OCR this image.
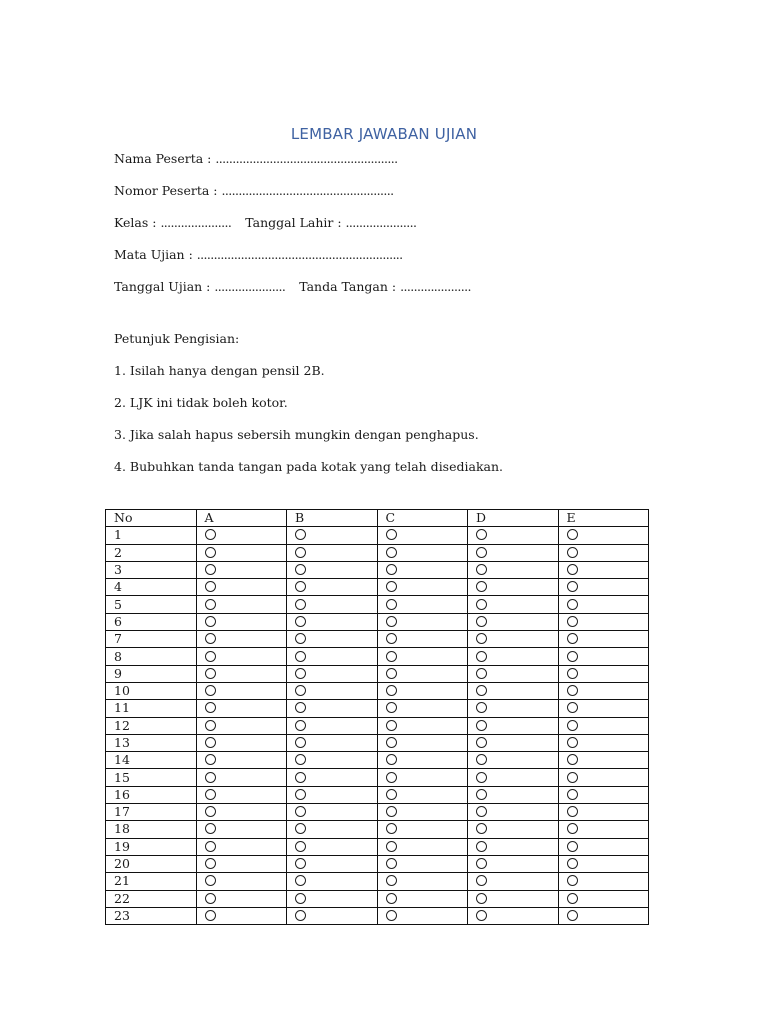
LEMBAR JAWABAN UJIAN
Nama Peserta : ......................................................
Nomor Peserta : ...................................................
Kelas : ..................... Tanggal Lahir : .....................
Mata Ujian : .............................................................
Tanggal Ujian : ..................... Tanda Tangan : .....................
Petunjuk Pengisian:
1. Isilah hanya dengan pensil 2B.
2. LJK ini tidak boleh kotor.
3. Jika salah hapus sebersih mungkin dengan penghapus.
4. Bubuhkan tanda tangan pada kotak yang telah disediakan.
No	A	B	C	D	E
1					
2					
3					
4					
5					
6					
7					
8					
9					
10					
11					
12					
13					
14					
15					
16					
17					
18					
19					
20					
21					
22					
23					
